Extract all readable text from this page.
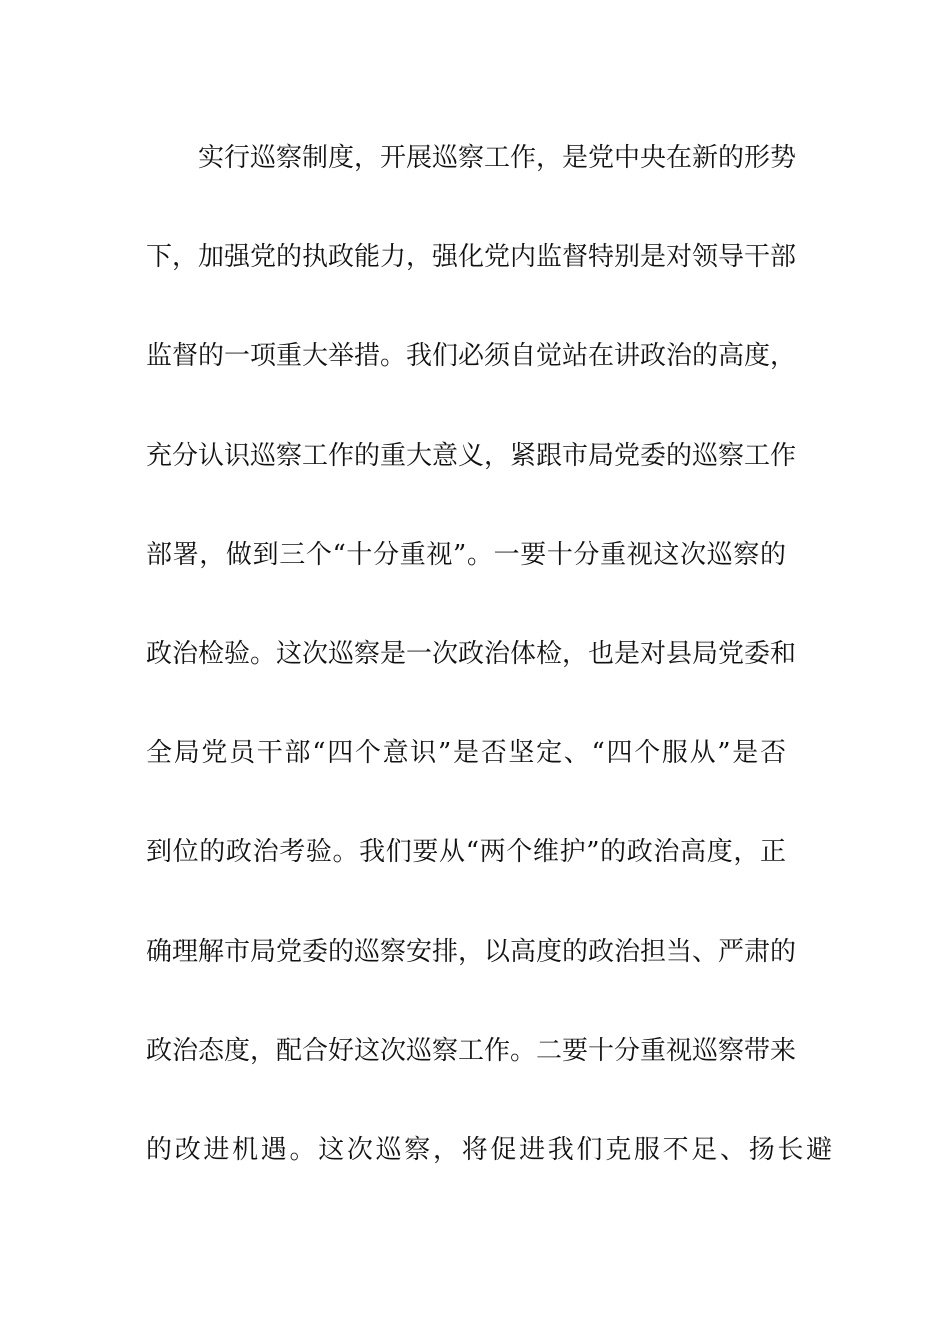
实行巡察制度，开展巡察工作，是党中央在新的形势
下，加强党的执政能力，强化党内监督特别是对领导干部
监督的一项重大举措。我们必须自觉站在讲政治的高度，
充分认识巡察工作的重大意义，紧跟市局党委的巡察工作
部署，做到三个“十分重视”。一要十分重视这次巡察的
政治检验。这次巡察是一次政治体检，也是对县局党委和
全局党员干部“四个意识”是否坚定、“四个服从”是否
到位的政治考验。我们要从“两个维护”的政治高度，正
确理解市局党委的巡察安排，以高度的政治担当、严肃的
政治态度，配合好这次巡察工作。二要十分重视巡察带来
的改进机遇。这次巡察，将促进我们克服不足、扬长避
